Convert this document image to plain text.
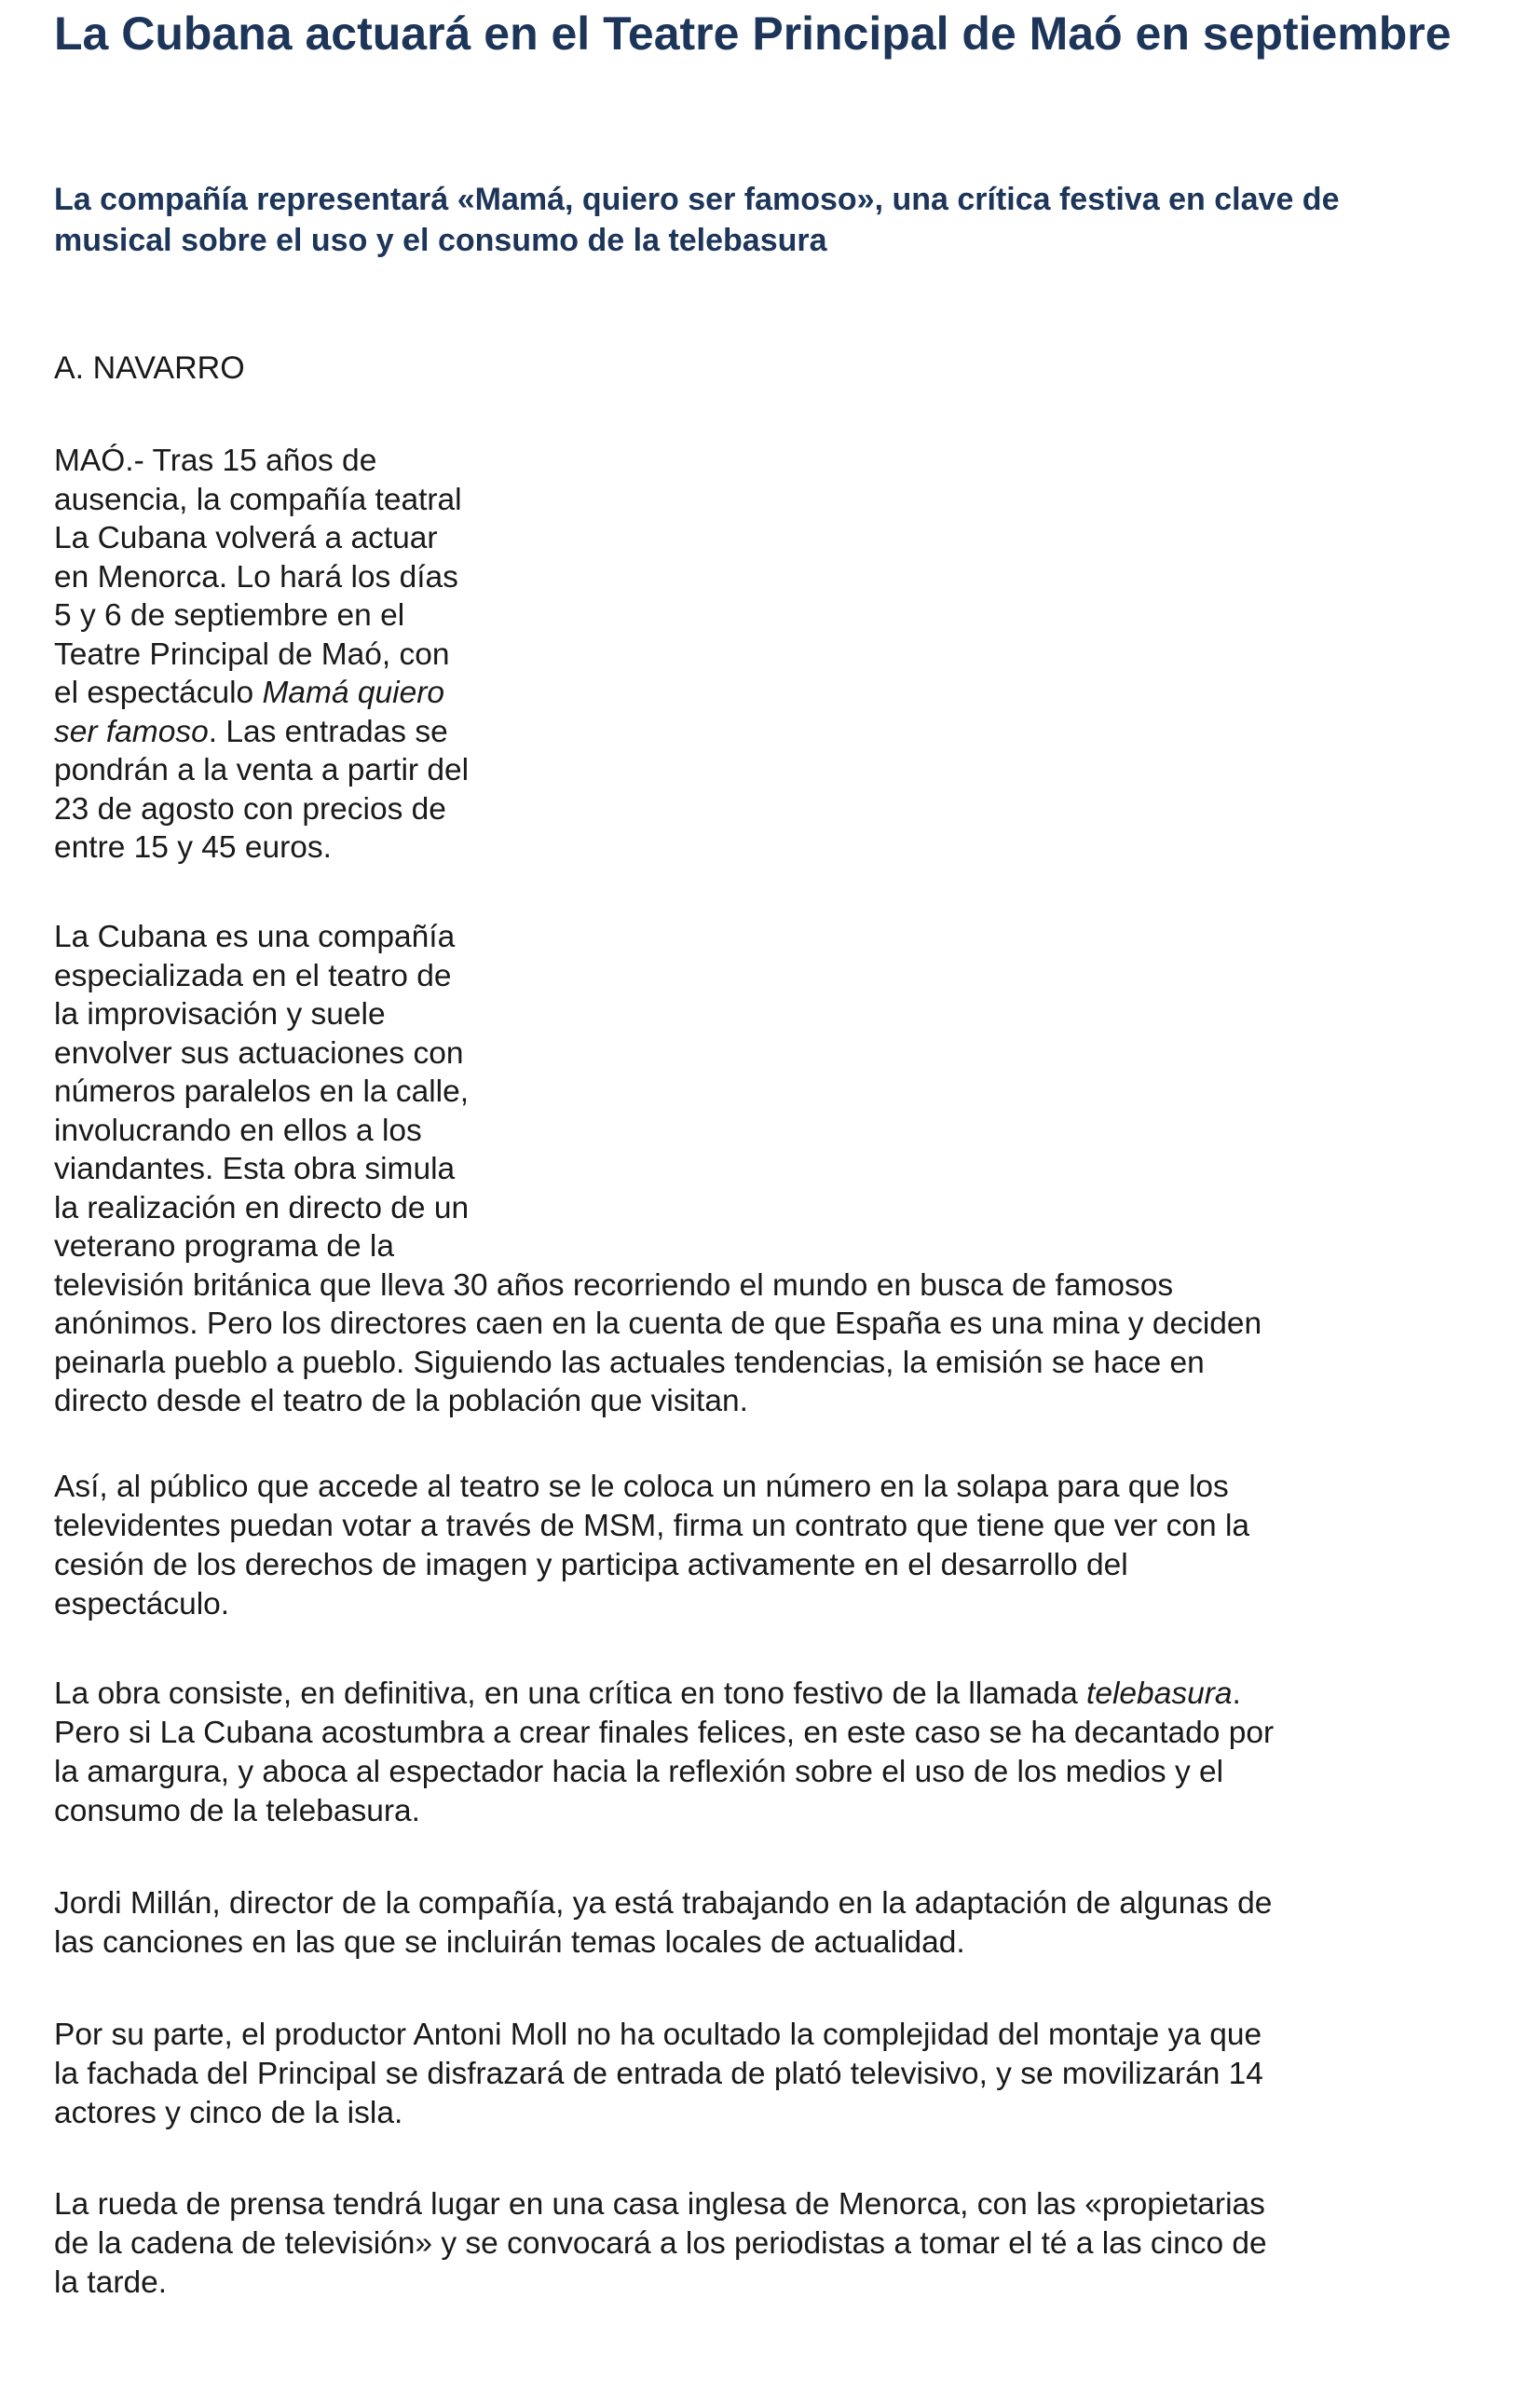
La Cubana actuará en el Teatre Principal de Maó en septiembre
La compañía representará «Mamá, quiero ser famoso», una crítica festiva en clave de musical sobre el uso y el consumo de la telebasura

A. NAVARRO

MAÓ.- Tras 15 años de
ausencia, la compañía teatral
La Cubana volverá a actuar
en Menorca. Lo hará los días
5 y 6 de septiembre en el
Teatre Principal de Maó, con
el espectáculo Mamá quiero
ser famoso. Las entradas se
pondrán a la venta a partir del
23 de agosto con precios de
entre 15 y 45 euros.

La Cubana es una compañía
especializada en el teatro de
la improvisación y suele
envolver sus actuaciones con
números paralelos en la calle,
involucrando en ellos a los
viandantes. Esta obra simula
la realización en directo de un
veterano programa de la
televisión británica que lleva 30 años recorriendo el mundo en busca de famosos
anónimos. Pero los directores caen en la cuenta de que España es una mina y deciden
peinarla pueblo a pueblo. Siguiendo las actuales tendencias, la emisión se hace en
directo desde el teatro de la población que visitan.

Así, al público que accede al teatro se le coloca un número en la solapa para que los
televidentes puedan votar a través de MSM, firma un contrato que tiene que ver con la
cesión de los derechos de imagen y participa activamente en el desarrollo del
espectáculo.

La obra consiste, en definitiva, en una crítica en tono festivo de la llamada telebasura.
Pero si La Cubana acostumbra a crear finales felices, en este caso se ha decantado por
la amargura, y aboca al espectador hacia la reflexión sobre el uso de los medios y el
consumo de la telebasura.

Jordi Millán, director de la compañía, ya está trabajando en la adaptación de algunas de
las canciones en las que se incluirán temas locales de actualidad.

Por su parte, el productor Antoni Moll no ha ocultado la complejidad del montaje ya que
la fachada del Principal se disfrazará de entrada de plató televisivo, y se movilizarán 14
actores y cinco de la isla.

La rueda de prensa tendrá lugar en una casa inglesa de Menorca, con las «propietarias
de la cadena de televisión» y se convocará a los periodistas a tomar el té a las cinco de
la tarde.
